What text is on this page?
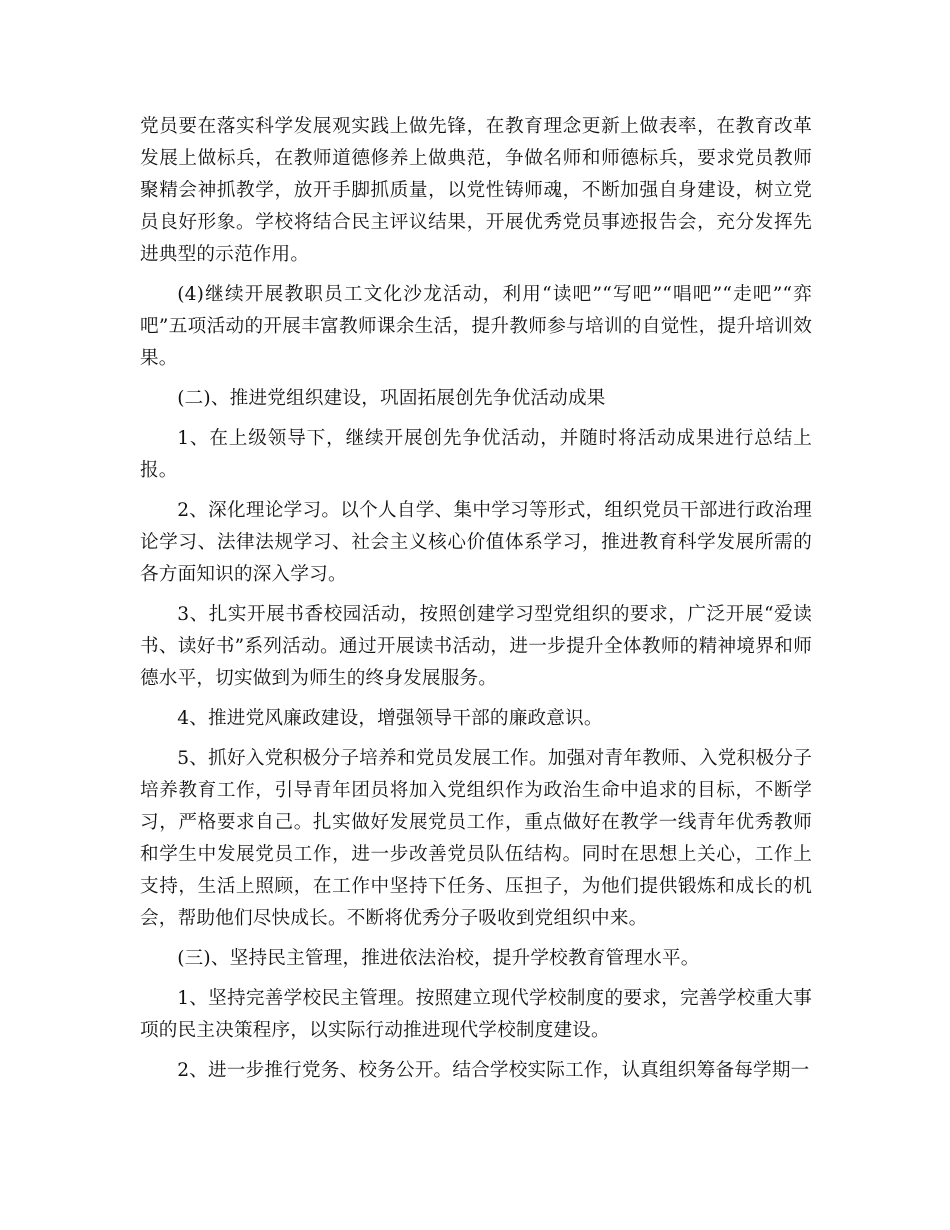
党员要在落实科学发展观实践上做先锋，在教育理念更新上做表率，在教育改革发展上做标兵，在教师道德修养上做典范，争做名师和师德标兵，要求党员教师聚精会神抓教学，放开手脚抓质量，以党性铸师魂，不断加强自身建设，树立党员良好形象。学校将结合民主评议结果，开展优秀党员事迹报告会，充分发挥先进典型的示范作用。

(4)继续开展教职员工文化沙龙活动，利用“读吧”“写吧”“唱吧”“走吧”“弈吧”五项活动的开展丰富教师课余生活，提升教师参与培训的自觉性，提升培训效果。

(二)、推进党组织建设，巩固拓展创先争优活动成果

1、在上级领导下，继续开展创先争优活动，并随时将活动成果进行总结上报。

2、深化理论学习。以个人自学、集中学习等形式，组织党员干部进行政治理论学习、法律法规学习、社会主义核心价值体系学习，推进教育科学发展所需的各方面知识的深入学习。

3、扎实开展书香校园活动，按照创建学习型党组织的要求，广泛开展“爱读书、读好书”系列活动。通过开展读书活动，进一步提升全体教师的精神境界和师德水平，切实做到为师生的终身发展服务。

4、推进党风廉政建设，增强领导干部的廉政意识。

5、抓好入党积极分子培养和党员发展工作。加强对青年教师、入党积极分子培养教育工作，引导青年团员将加入党组织作为政治生命中追求的目标，不断学习，严格要求自己。扎实做好发展党员工作，重点做好在教学一线青年优秀教师和学生中发展党员工作，进一步改善党员队伍结构。同时在思想上关心，工作上支持，生活上照顾，在工作中坚持下任务、压担子，为他们提供锻炼和成长的机会，帮助他们尽快成长。不断将优秀分子吸收到党组织中来。

(三)、坚持民主管理，推进依法治校，提升学校教育管理水平。

1、坚持完善学校民主管理。按照建立现代学校制度的要求，完善学校重大事项的民主决策程序，以实际行动推进现代学校制度建设。

2、进一步推行党务、校务公开。结合学校实际工作，认真组织筹备每学期一
